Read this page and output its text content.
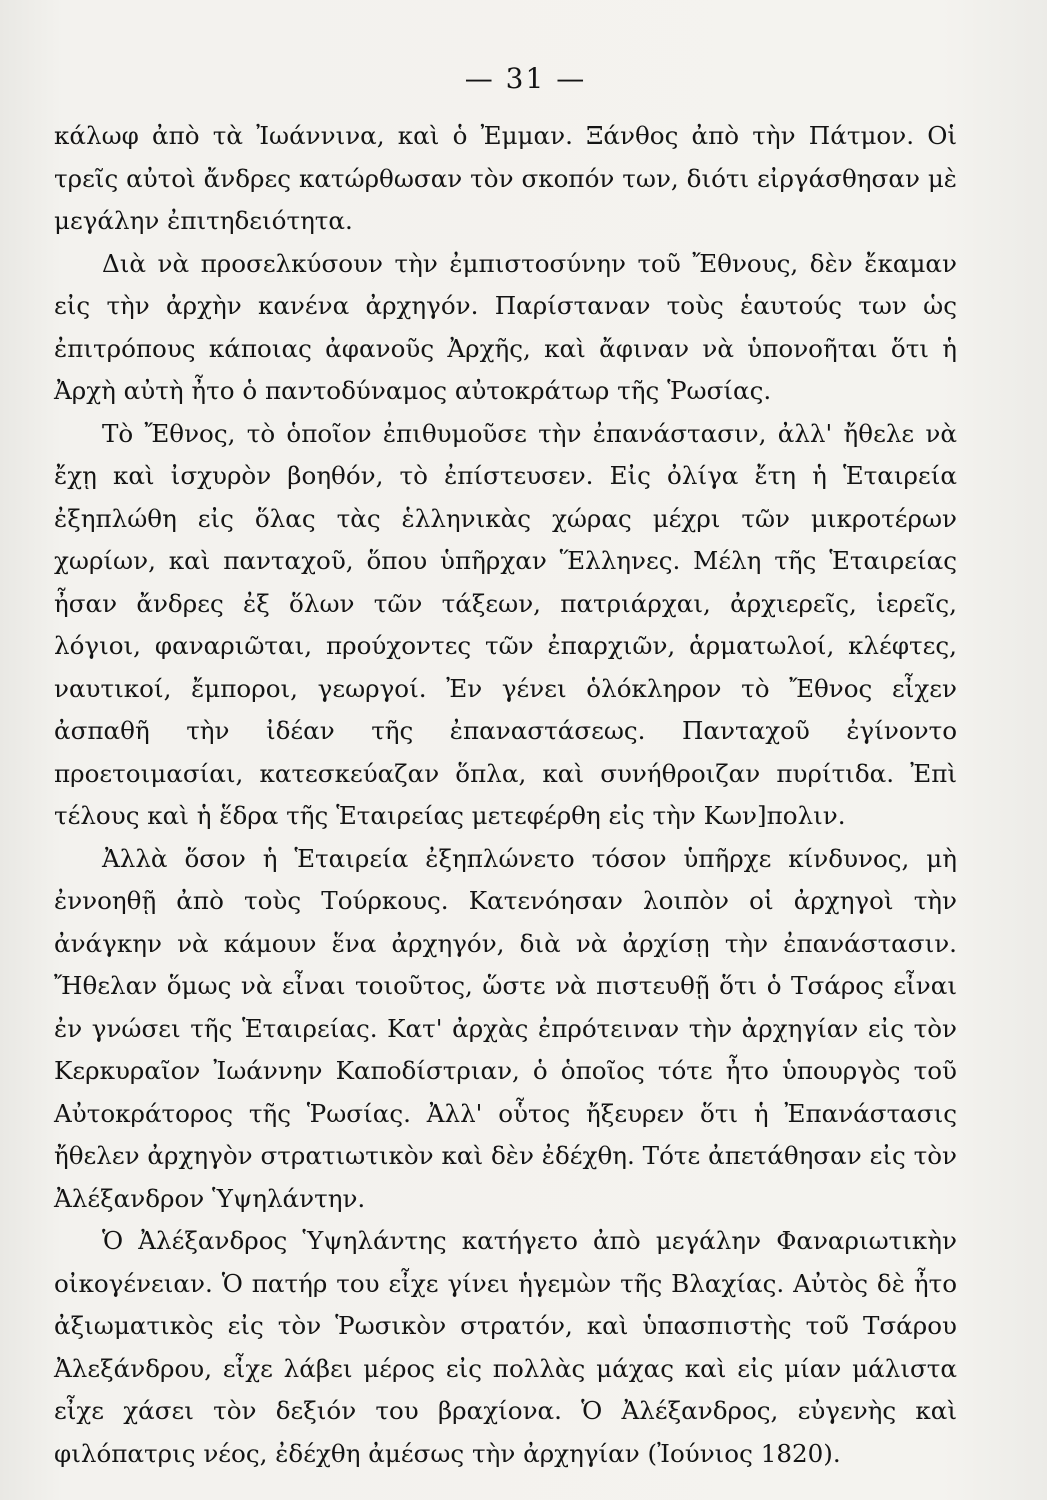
— 31 —

κάλωφ ἀπὸ τὰ Ἰωάννινα, καὶ ὁ Ἐμμαν. Ξάνθος ἀπὸ τὴν Πάτμον. Οἱ τρεῖς αὐτοὶ ἄνδρες κατώρθωσαν τὸν σκοπόν των, διότι εἰργάσθησαν μὲ μεγάλην ἐπιτηδειότητα.

Διὰ νὰ προσελκύσουν τὴν ἐμπιστοσύνην τοῦ Ἔθνους, δὲν ἔκαμαν εἰς τὴν ἀρχὴν κανένα ἀρχηγόν. Παρίσταναν τοὺς ἑαυτούς των ὡς ἐπιτρόπους κάποιας ἀφανοῦς Ἀρχῆς, καὶ ἄφιναν νὰ ὑπονοῆται ὅτι ἡ Ἀρχὴ αὐτὴ ἦτο ὁ παντοδύναμος αὐτοκράτωρ τῆς Ῥωσίας.

Τὸ Ἔθνος, τὸ ὁποῖον ἐπιθυμοῦσε τὴν ἐπανάστασιν, ἀλλ' ἤθελε νὰ ἔχῃ καὶ ἰσχυρὸν βοηθόν, τὸ ἐπίστευσεν. Εἰς ὀλίγα ἔτη ἡ Ἑταιρεία ἐξηπλώθη εἰς ὅλας τὰς ἑλληνικὰς χώρας μέχρι τῶν μικροτέρων χωρίων, καὶ πανταχοῦ, ὅπου ὑπῆρχαν Ἕλληνες. Μέλη τῆς Ἑταιρείας ἦσαν ἄνδρες ἐξ ὅλων τῶν τάξεων, πατριάρχαι, ἀρχιερεῖς, ἱερεῖς, λόγιοι, φαναριῶται, προύχοντες τῶν ἐπαρχιῶν, ἁρματωλοί, κλέφτες, ναυτικοί, ἔμποροι, γεωργοί. Ἐν γένει ὁλόκληρον τὸ Ἔθνος εἶχεν ἀσπαθῆ τὴν ἰδέαν τῆς ἐπαναστάσεως. Πανταχοῦ ἐγίνοντο προετοιμασίαι, κατεσκεύαζαν ὅπλα, καὶ συνήθροιζαν πυρίτιδα. Ἐπὶ τέλους καὶ ἡ ἕδρα τῆς Ἑταιρείας μετεφέρθη εἰς τὴν Κων]πολιν.

Ἀλλὰ ὅσον ἡ Ἑταιρεία ἐξηπλώνετο τόσον ὑπῆρχε κίνδυνος, μὴ ἐννοηθῇ ἀπὸ τοὺς Τούρκους. Κατενόησαν λοιπὸν οἱ ἀρχηγοὶ τὴν ἀνάγκην νὰ κάμουν ἕνα ἀρχηγόν, διὰ νὰ ἀρχίσῃ τὴν ἐπανάστασιν. Ἤθελαν ὅμως νὰ εἶναι τοιοῦτος, ὥστε νὰ πιστευθῇ ὅτι ὁ Τσάρος εἶναι ἐν γνώσει τῆς Ἑταιρείας. Κατ' ἀρχὰς ἐπρότειναν τὴν ἀρχηγίαν εἰς τὸν Κερκυραῖον Ἰωάννην Καποδίστριαν, ὁ ὁποῖος τότε ἦτο ὑπουργὸς τοῦ Αὐτοκράτορος τῆς Ῥωσίας. Ἀλλ' οὗτος ἤξευρεν ὅτι ἡ Ἐπανάστασις ἤθελεν ἀρχηγὸν στρατιωτικὸν καὶ δὲν ἐδέχθη. Τότε ἀπετάθησαν εἰς τὸν Ἀλέξανδρον Ὑψηλάντην.

Ὁ Ἀλέξανδρος Ὑψηλάντης κατήγετο ἀπὸ μεγάλην Φαναριωτικὴν οἰκογένειαν. Ὁ πατήρ του εἶχε γίνει ἡγεμὼν τῆς Βλαχίας. Αὐτὸς δὲ ἦτο ἀξιωματικὸς εἰς τὸν Ῥωσικὸν στρατόν, καὶ ὑπασπιστὴς τοῦ Τσάρου Ἀλεξάνδρου, εἶχε λάβει μέρος εἰς πολλὰς μάχας καὶ εἰς μίαν μάλιστα εἶχε χάσει τὸν δεξιόν του βραχίονα. Ὁ Ἀλέξανδρος, εὐγενὴς καὶ φιλόπατρις νέος, ἐδέχθη ἀμέσως τὴν ἀρχηγίαν (Ἰούνιος 1820).
